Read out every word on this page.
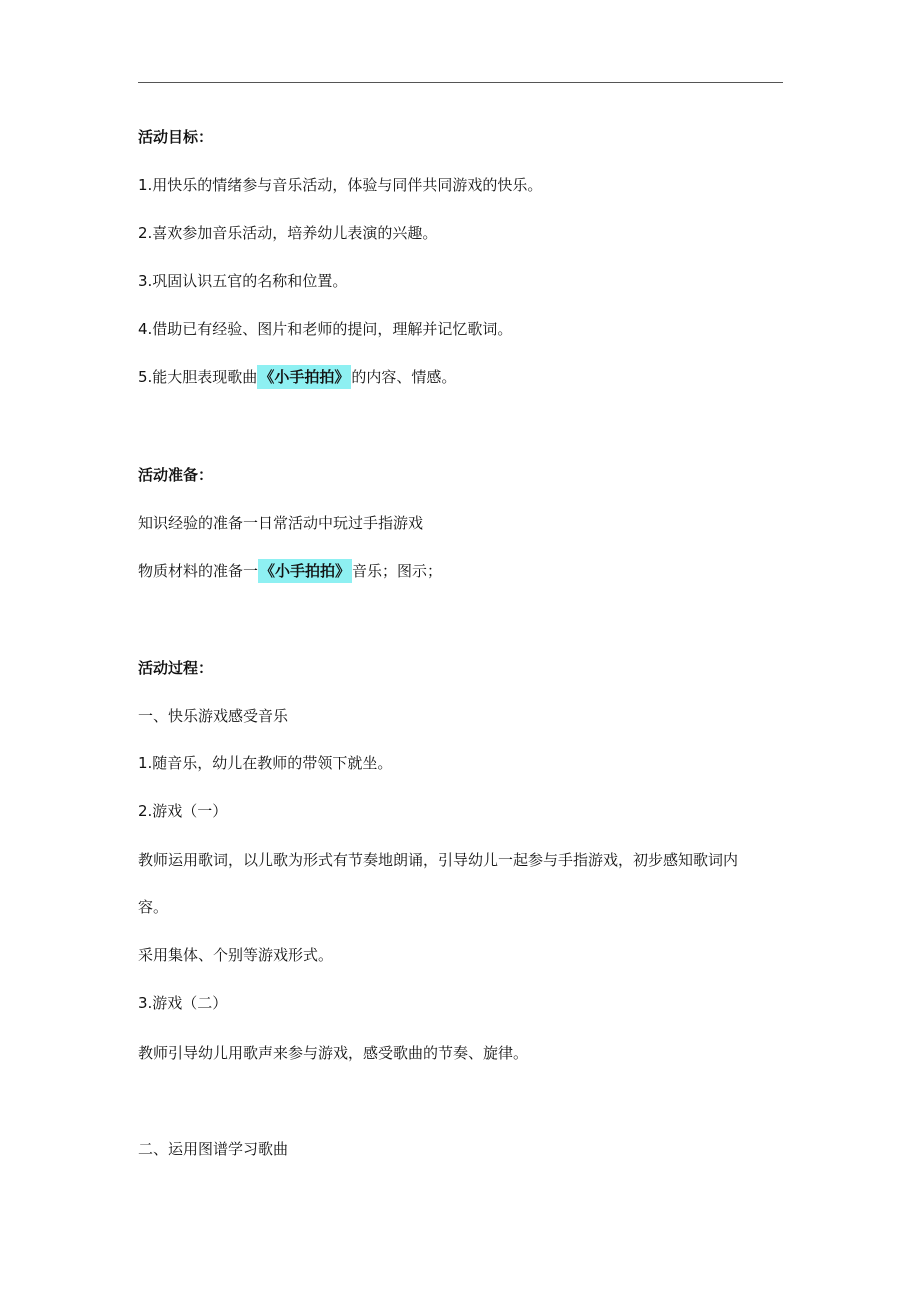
活动目标：
1.用快乐的情绪参与音乐活动，体验与同伴共同游戏的快乐。
2.喜欢参加音乐活动，培养幼儿表演的兴趣。
3.巩固认识五官的名称和位置。
4.借助已有经验、图片和老师的提问，理解并记忆歌词。
5.能大胆表现歌曲 《小手拍拍》 的内容、情感。
活动准备：
知识经验的准备一日常活动中玩过手指游戏
物质材料的准备一 《小手拍拍》 音乐；图示；
活动过程：
一、快乐游戏感受音乐
1.随音乐，幼儿在教师的带领下就坐。
2.游戏（一）
教师运用歌词，以儿歌为形式有节奏地朗诵，引导幼儿一起参与手指游戏，初步感知歌词内
容。
采用集体、个别等游戏形式。
3.游戏（二）
教师引导幼儿用歌声来参与游戏，感受歌曲的节奏、旋律。
二、运用图谱学习歌曲
